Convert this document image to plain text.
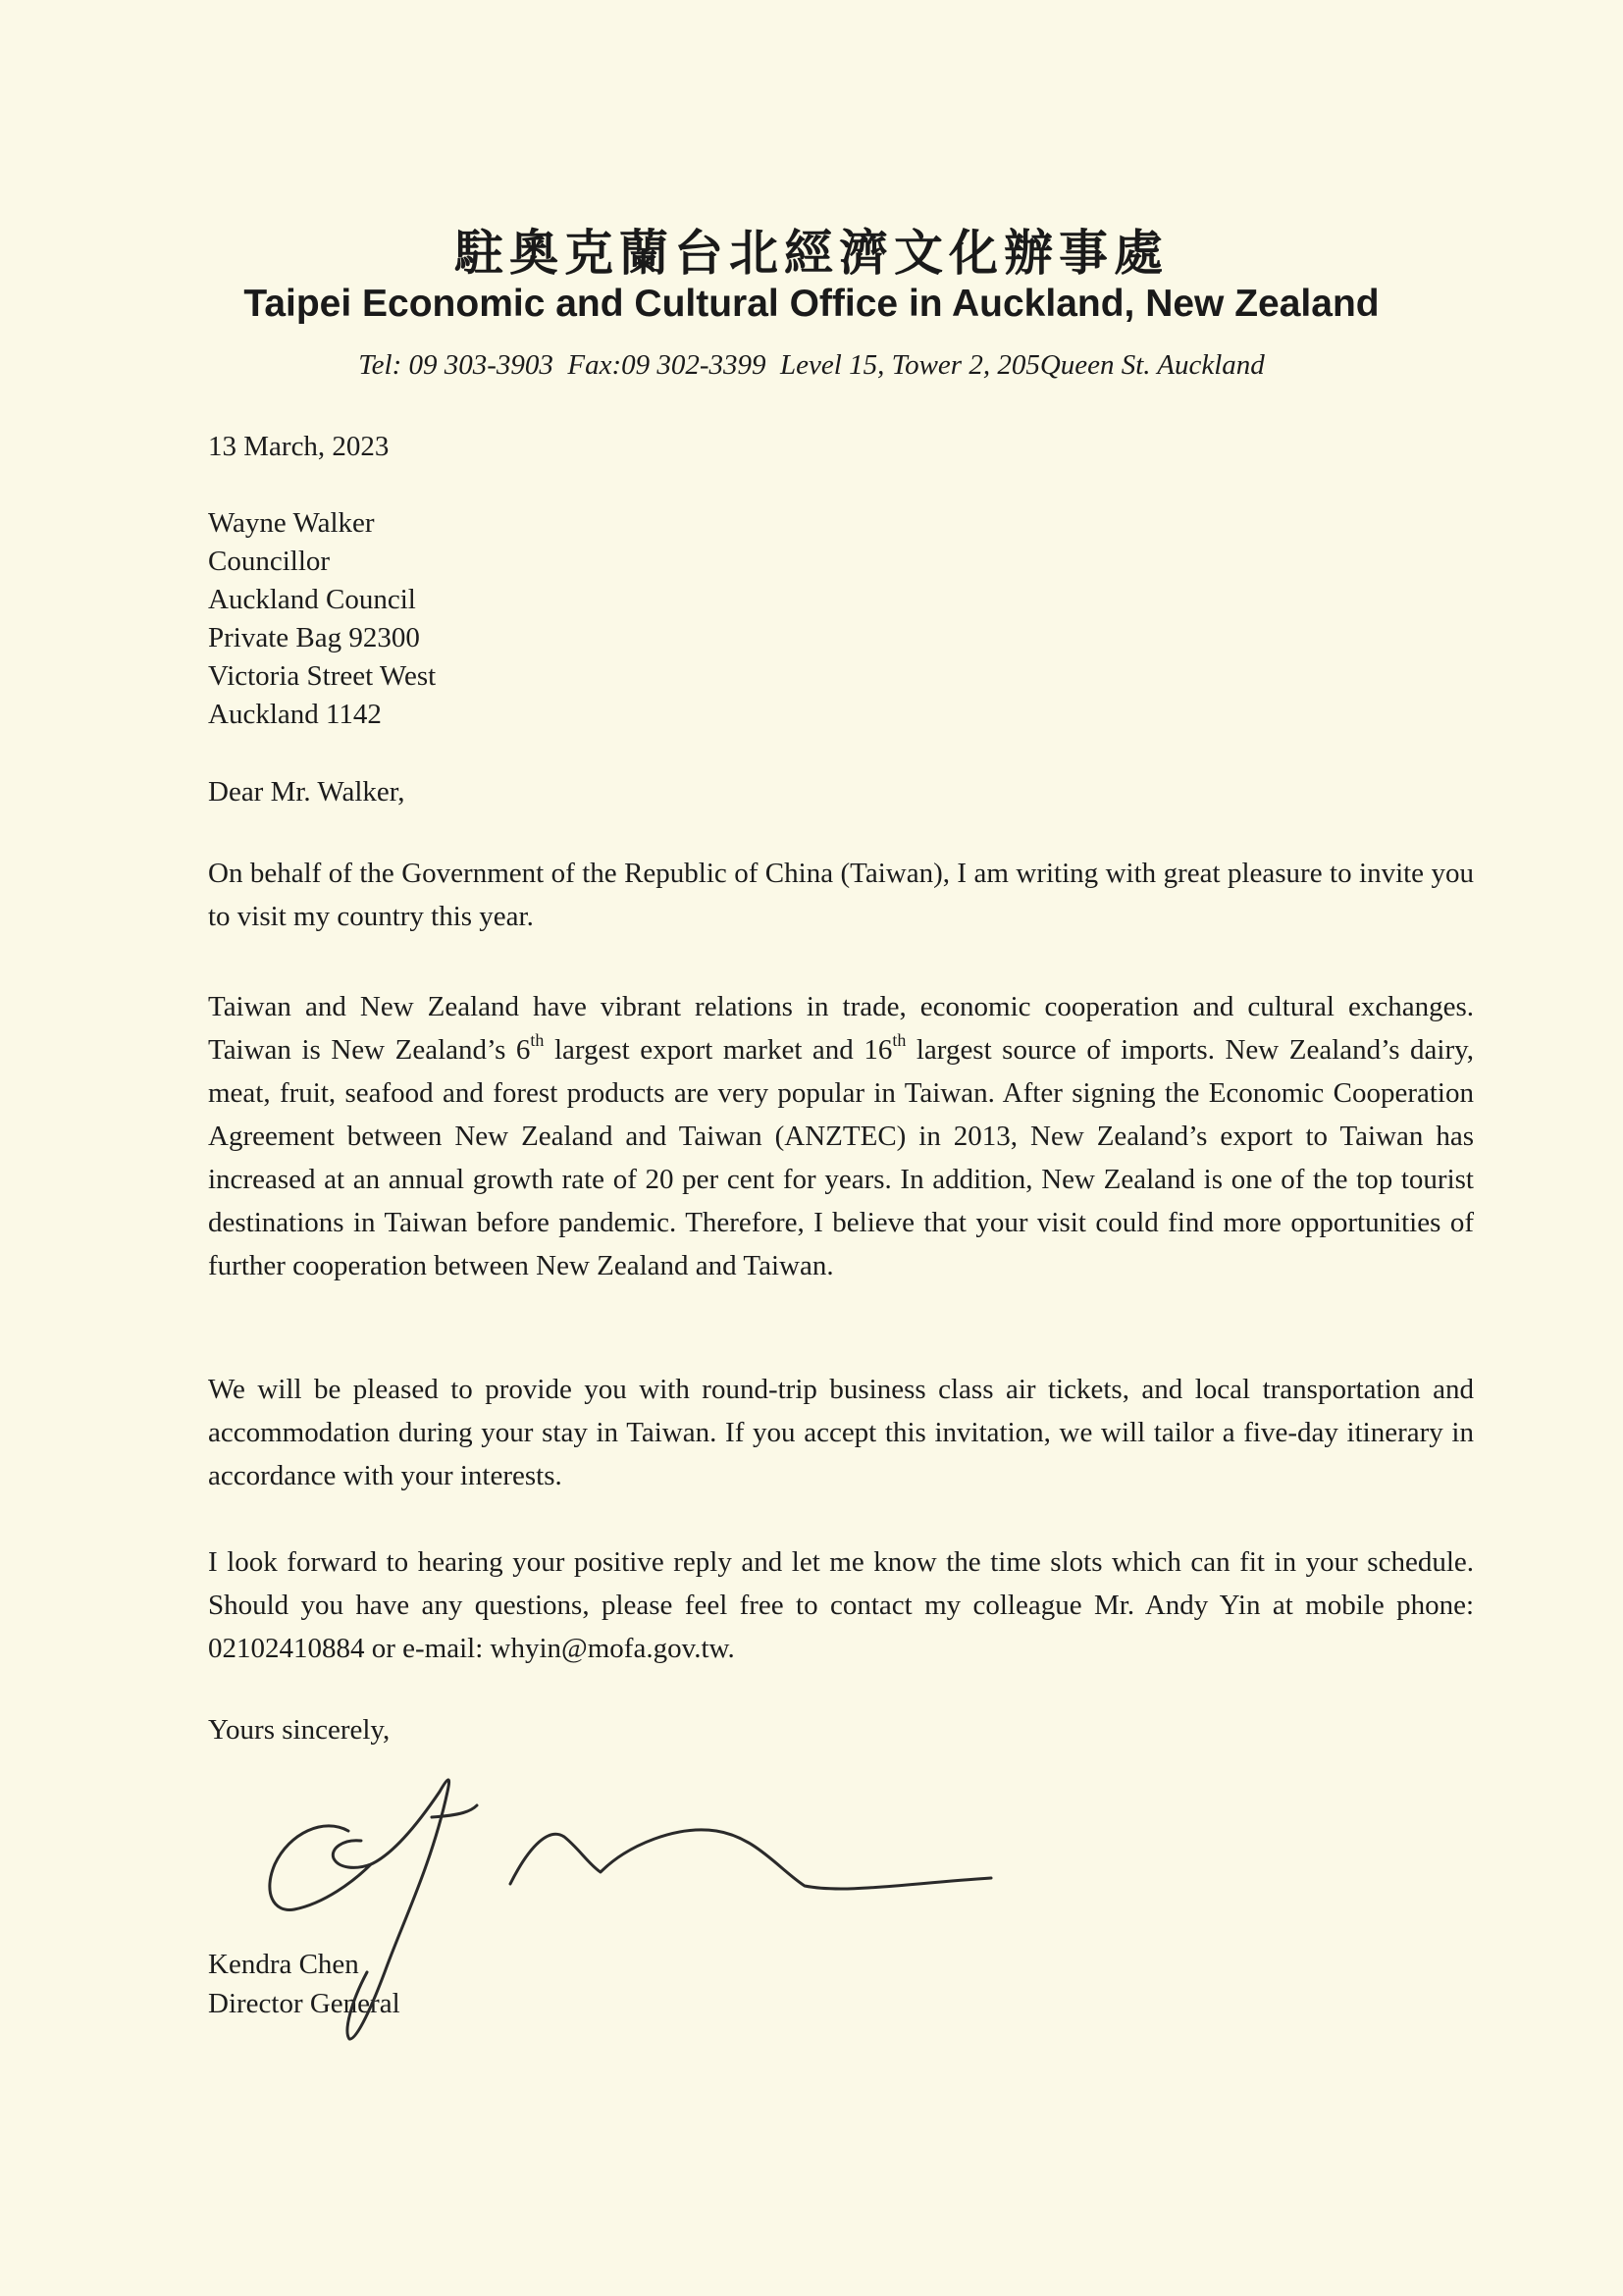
駐奧克蘭台北經濟文化辦事處
Taipei Economic and Cultural Office in Auckland, New Zealand
Tel: 09 303-3903  Fax:09 302-3399  Level 15, Tower 2, 205Queen St. Auckland
13 March, 2023
Wayne Walker
Councillor
Auckland Council
Private Bag 92300
Victoria Street West
Auckland 1142
Dear Mr. Walker,
On behalf of the Government of the Republic of China (Taiwan), I am writing with great pleasure to invite you to visit my country this year.
Taiwan and New Zealand have vibrant relations in trade, economic cooperation and cultural exchanges. Taiwan is New Zealand’s 6th largest export market and 16th largest source of imports. New Zealand’s dairy, meat, fruit, seafood and forest products are very popular in Taiwan. After signing the Economic Cooperation Agreement between New Zealand and Taiwan (ANZTEC) in 2013, New Zealand’s export to Taiwan has increased at an annual growth rate of 20 per cent for years. In addition, New Zealand is one of the top tourist destinations in Taiwan before pandemic. Therefore, I believe that your visit could find more opportunities of further cooperation between New Zealand and Taiwan.
We will be pleased to provide you with round-trip business class air tickets, and local transportation and accommodation during your stay in Taiwan. If you accept this invitation, we will tailor a five-day itinerary in accordance with your interests.
I look forward to hearing your positive reply and let me know the time slots which can fit in your schedule. Should you have any questions, please feel free to contact my colleague Mr. Andy Yin at mobile phone: 02102410884 or e-mail: whyin@mofa.gov.tw.
Yours sincerely,
Kendra Chen
Director General
